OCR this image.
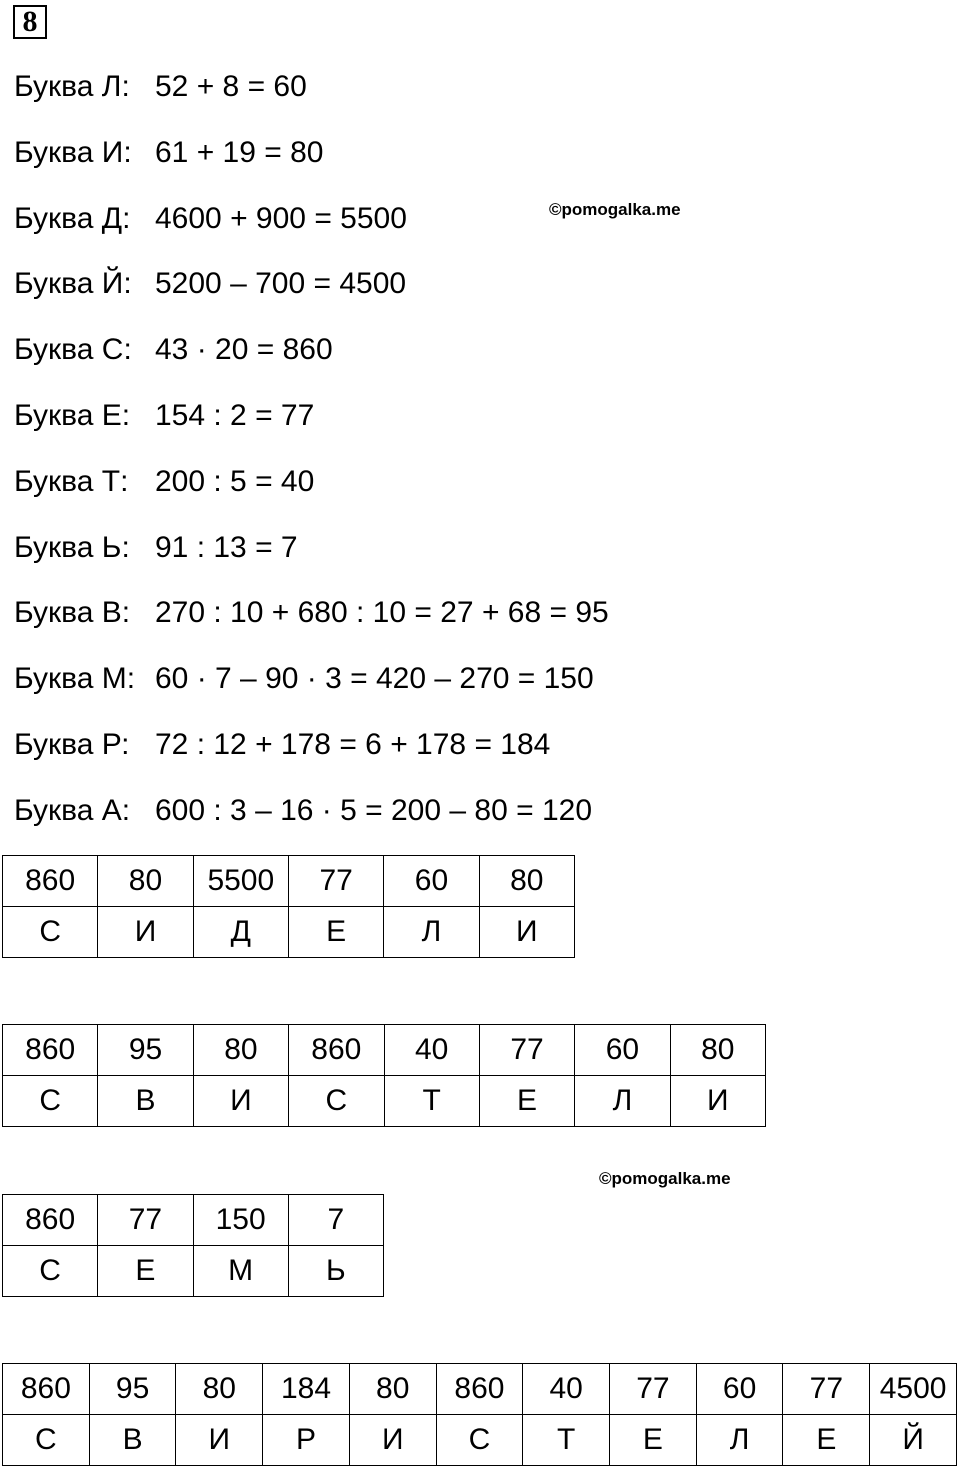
8
Буква Л: 52 + 8 = 60
Буква И: 61 + 19 = 80
Буква Д: 4600 + 900 = 5500
Буква Й: 5200 – 700 = 4500
Буква С: 43 · 20 = 860
Буква Е: 154 : 2 = 77
Буква Т: 200 : 5 = 40
Буква Ь: 91 : 13 = 7
Буква В: 270 : 10 + 680 : 10 = 27 + 68 = 95
Буква М: 60 · 7 – 90 · 3 = 420 – 270 = 150
Буква Р: 72 : 12 + 178 = 6 + 178 = 184
Буква А: 600 : 3 – 16 · 5 = 200 – 80 = 120
©pomogalka.me
©pomogalka.me
860	80	5500	77	60	80
С	И	Д	Е	Л	И
860	95	80	860	40	77	60	80
С	В	И	С	Т	Е	Л	И
860	77	150	7
С	Е	М	Ь
860	95	80	184	80	860	40	77	60	77	4500
С	В	И	Р	И	С	Т	Е	Л	Е	Й
